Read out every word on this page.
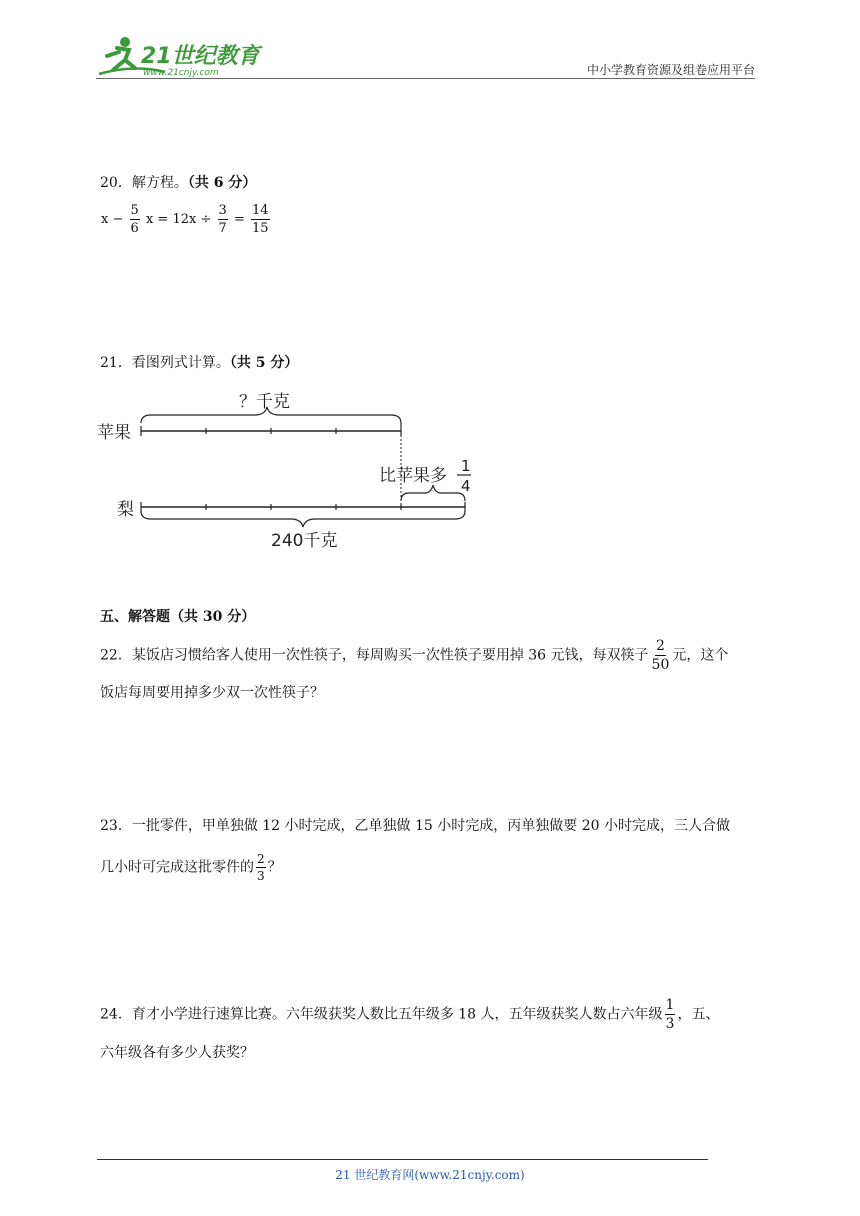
21世纪教育
www.21cnjy.com	中小学教育资源及组卷应用平台
20．解方程。（共 6 分）
$x - \frac{5}{6}$ x = 12 $x \div \frac{3}{7} = \frac{14}{15}$
21．看图列式计算。（共 5 分）
？千克
苹果
比苹果多 1
4
梨
240千克
五、解答题（共 30 分）
22．某饭店习惯给客人使用一次性筷子，每周购买一次性筷子要用掉 36 元钱，每双筷子 $\frac{2}{50}$ 元，这个
饭店每周要用掉多少双一次性筷子？
23．一批零件，甲单独做 12 小时完成，乙单独做 15 小时完成，丙单独做要 20 小时完成，三人合做
几小时可完成这批零件的 $\frac{2}{3}$ ？
24．育才小学进行速算比赛。六年级获奖人数比五年级多 18 人，五年级获奖人数占六年级 $\frac{1}{3}$ ，五、
六年级各有多少人获奖？
21 世纪教育网(www.21cnjy.com)
